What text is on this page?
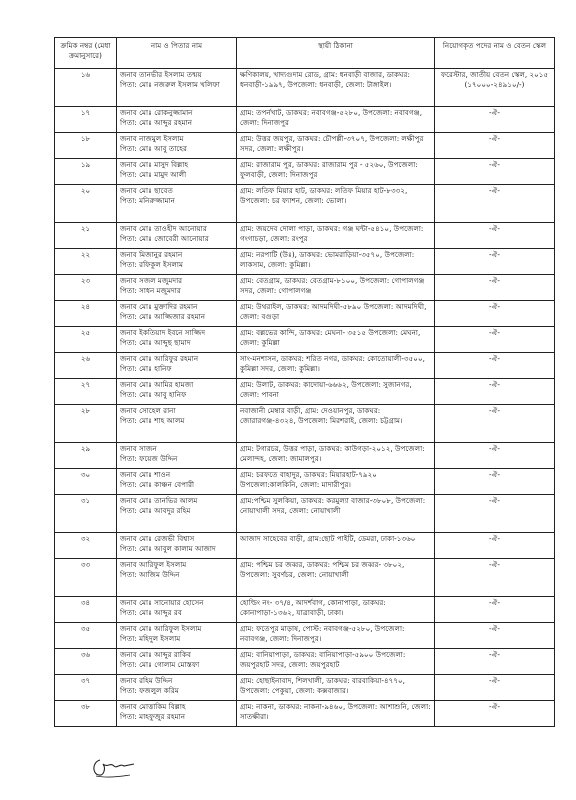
ক্রমিক নম্বর (মেধা ক্রমানুসারে)	নাম ও পিতার নাম	স্থায়ী ঠিকানা	নিয়োগকৃত পদের নাম ও বেতন স্কেল
১৬	জনাব তানভীর ইসলাম তন্ময়
পিতা: মোঃ নজরুল ইসলাম খলিফা	ক্ষণিকালয়, খাদ্যগুদাম রোড, গ্রাম: ধনবাড়ী বাজার, ডাকঘর: ধনবাড়ী-১৯৯৭, উপজেলা: ধনবাড়ী, জেলা: টাঙ্গাইল।	ফরেস্টার, জাতীয় বেতন স্কেল, ২০১৫ (১৭০০০-২৪৯১০/-)
১৭	জনাব মোঃ রোকনুজ্জামান
পিতা: মোঃ আব্দুর রহমান	গ্রাম: তপর্নখাট, ডাকঘর: নবাবগঞ্জ-৫২৮০, উপজেলা: নবাবগঞ্জ, জেলা: দিনাজপুর	-ঐ-
১৮	জনাব নাজমুল ইসলাম
পিতা: মোঃ আবু তাহের	গ্রাম: উত্তর জয়পুর, ডাকঘর: চৌপল্লী-৩৭০৭, উপজেলা: লক্ষীপুর সদর, জেলা: লক্ষীপুর।	-ঐ-
১৯	জনাব মোঃ মাসুদ বিল্লাহ
পিতা: মোঃ মামুদ আলী	গ্রাম: রাজারাম পুর, ডাকঘর: রাজারাম পুর - ৫২৬০, উপজেলা: ফুলবাড়ী, জেলা: দিনাজপুর	-ঐ-
২০	জনাব মোঃ ছাবেত
পিতা: মনিরুজ্জামান	গ্রাম: লতিফ মিয়ার হাট, ডাকঘর: লতিফ মিয়ার হাট-৮৩৩২, উপজেলা: চর ফ্যাশন, জেলা: ভোলা।	-ঐ-
২১	জনাব মোঃ তাওহীদ আনোয়ার
পিতা: মোঃ জোবেরী আনোয়ার	গ্রাম: জয়দেব দোলা পাড়া, ডাকঘর: গঞ্জ ঘন্টা-৫৪১০, উপজেলা: গংগাচড়া, জেলা: রংপুর	-ঐ-
২২	জনাব মিজানুর রহমান
পিতা: রফিকুল ইসলাম	গ্রাম: নরপাটি (উঃ), ডাকঘর: ভোমরাড়িয়া-৩৫৭০, উপজেলা: লাকসাম, জেলা: কুমিল্লা।	-ঐ-
২৩	জনাব সজল মজুমদার
পিতা: সাধন মজুমদার	গ্রাম: বেতগ্রাম, ডাকঘর: বেতগ্রাম-৮১০০, উপজেলা: গোপালগঞ্জ সদর, জেলা: গোপালগঞ্জ	-ঐ-
২৪	জনাব মোঃ মুক্তাদির রহমান
পিতা: মোঃ আজ্জিজার রহমান	গ্রাম: উথরাইল, ডাকঘর: আদমদিঘী-৫৮৯০ উপজেলা: আদমদিঘী, জেলা: বগুড়া	-ঐ-
২৫	জনাব ইকতিয়াদ ইবনে সাজ্জিদ
পিতা: মোঃ আব্দুছ ছামাদ	গ্রাম: বল্লভের কান্দি, ডাকঘর: মেঘনা- ৩৫১৫ উপজেলা: মেঘনা, জেলা: কুমিল্লা	-ঐ-
২৬	জনাব মোঃ আরিফুর রহমান
পিতা: মোঃ হানিফ	সাং-মনশাসন, ডাকঘর: শরিত নগর, ডাকঘর: কোতোয়ালী-৩৫০০, কুমিল্লা সদর, জেলা: কুমিল্লা।	-ঐ-
২৭	জনাব মোঃ আমির হামজা
পিতা: মোঃ আবু হানিফ	গ্রাম: উলাট, ডাকঘর: কাদোয়া-৬৬৬২, উপজেলা: সুজানগর, জেলা: পাবনা	-ঐ-
২৮	জনাব সোহেল রানা
পিতা: মোঃ শাহ আলম	নবাজানী মেম্বার বাড়ী, গ্রাম: দেওয়ানপুর, ডাকঘর: জোরারগঞ্জ-৪৩২৪, উপজেলা: মিরশরাই, জেলা: চট্টগ্রাম।	-ঐ-
২৯	জনাব সাজন
পিতা: ফয়েজ উদ্দিন	গ্রাম: টগারচর, উত্তর পাড়া, ডাকঘর: কাউগড়া-২০১২, উপজেলা: মেলান্দহ, জেলা: জামালপুর।	-ঐ-
৩০	জনাব মোঃ শাওন
পিতা: মোঃ কাঞ্চন বেপারী	গ্রাম: চরফতে বাহাদুর, ডাকঘর: মিয়ারহাট-৭৯২০ উপজেলা:কালকিনি, জেলা: মাদারীপুর।	-ঐ-
৩১	জনাব মোঃ তানভির আলম
পিতা: মোঃ আবদুর রহিম	গ্রাম:পশ্চিম সুলকিয়া, ডাকঘর: করমুল্যা বাজার-৩৮০৮, উপজেলা: নোয়াখালী সদর, জেলা: নোয়াখালী	-ঐ-
৩২	জনাব মোঃ রেজভী বিশ্বাস
পিতা: মোঃ আবুল কালাম আজাদ	আজাদ সাহেবের বাড়ী, গ্রাম:ছোট পাইটি, ডেমরা, ঢাকা-১৩৬০	-ঐ-
৩৩	জনাব আরিফুল ইসলাম
পিতা: আজিম উদ্দিন	গ্রাম: পশ্চিম চর জব্বর, ডাকঘর: পশ্চিম চর জব্বর- ৩৮০২, উপজেলা: সুবর্ণচর, জেলা: নোয়াখালী	-ঐ-
৩৪	জনাব মোঃ সানোয়ার হোসেন
পিতা: মোঃ আব্দুর রব	হোল্ডিং নং- ৩৭/৪, আদর্শবাগ, কোনাপাড়া, ডাকঘর: কোনাপাড়া-১৩৬২, যাত্রাবাড়ী, ঢাকা।	-ঐ-
৩৫	জনাব মোঃ আরিফুল ইসলাম
পিতা: মহিদুল ইসলাম	গ্রাম: ফতেপুর মাড়াষ, পোস্ট: নবাবগঞ্জ-৫২৮০, উপজেলা: নবাবগঞ্জ, জেলা: দিনাজপুর।	-ঐ-
৩৬	জনাব মোঃ আব্দুর রাকিব
পিতা: মোঃ গোলাম মোস্তফা	গ্রাম: বানিয়াপাড়া, ডাকঘর: বানিয়াপাড়া-৫৯০০ উপজেলা: জয়পুরহাট সদর, জেলা: জয়পুরহাট	-ঐ-
৩৭	জনাব রহিম উদ্দিন
পিতা: ফজলুল করিম	গ্রাম: হোছাইনাবাদ, শিলখালী, ডাকঘর: বারবাকিয়া-৪৭৭০, উপজেলা: পেকুয়া, জেলা: কক্সবাজার।	-ঐ-
৩৮	জনাব মোত্তাকিম বিল্লাহ
পিতা: মাহফুজুর রহমান	গ্রাম: নাকনা, ডাকঘর: নাকনা-৯৪৬০, উপজেলা: আশাশুনি, জেলা: সাতক্ষীরা।	-ঐ-
